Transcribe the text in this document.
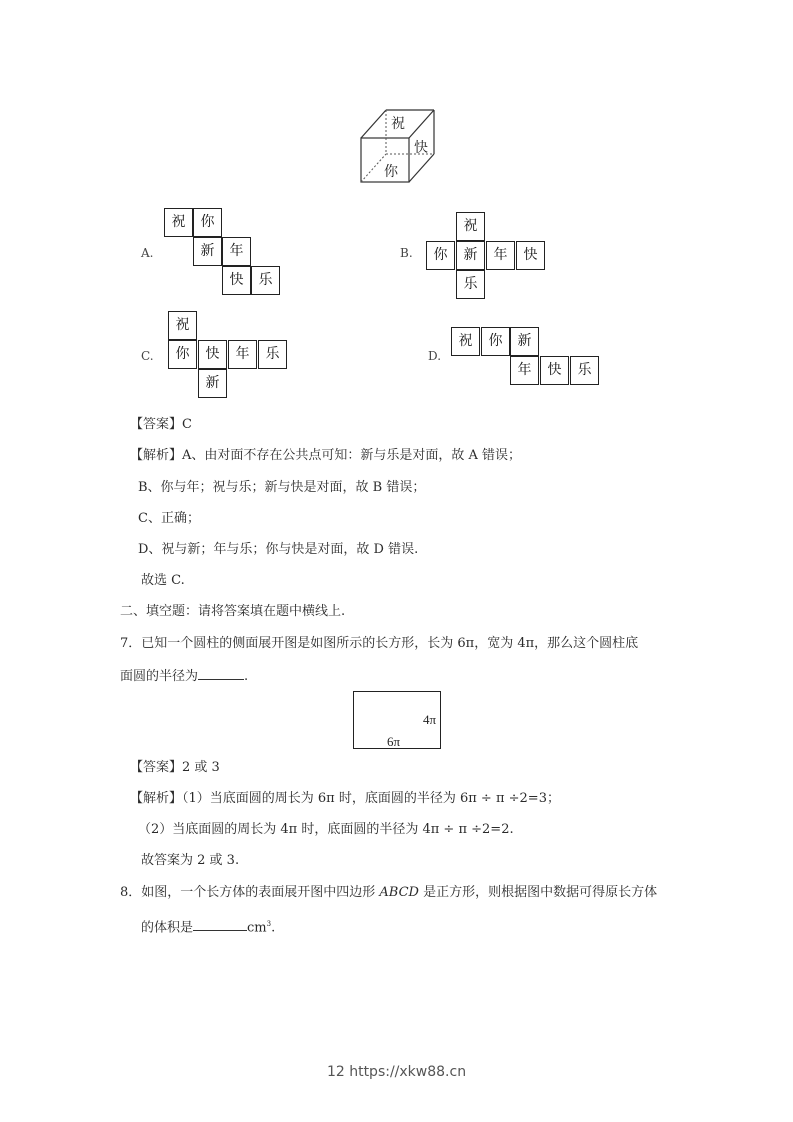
祝
快
你
A.	B.
C.	D.
祝	你
新	年
快	乐
祝
你	新	年	快
乐
祝
你	快	年	乐
新
祝	你	新
年	快	乐
【答案】C
【解析】A、由对面不存在公共点可知：新与乐是对面，故 A 错误；
B、你与年；祝与乐；新与快是对面，故 B 错误；
C、正确；
D、祝与新；年与乐；你与快是对面，故 D 错误.
故选 C.
二、填空题：请将答案填在题中横线上.
7．已知一个圆柱的侧面展开图是如图所示的长方形，长为 6π，宽为 4π，那么这个圆柱底
面圆的半径为	.
4π
6π
【答案】2 或 3
【解析】（1）当底面圆的周长为 6π 时，底面圆的半径为 6π ÷ π ÷2=3；
（2）当底面圆的周长为 4π 时，底面圆的半径为 4π ÷ π ÷2=2.
故答案为 2 或 3.
8．如图，一个长方体的表面展开图中四边形 ABCD 是正方形，则根据图中数据可得原长方体
的体积是	$cm^3$.
12 https://xkw88.cn
